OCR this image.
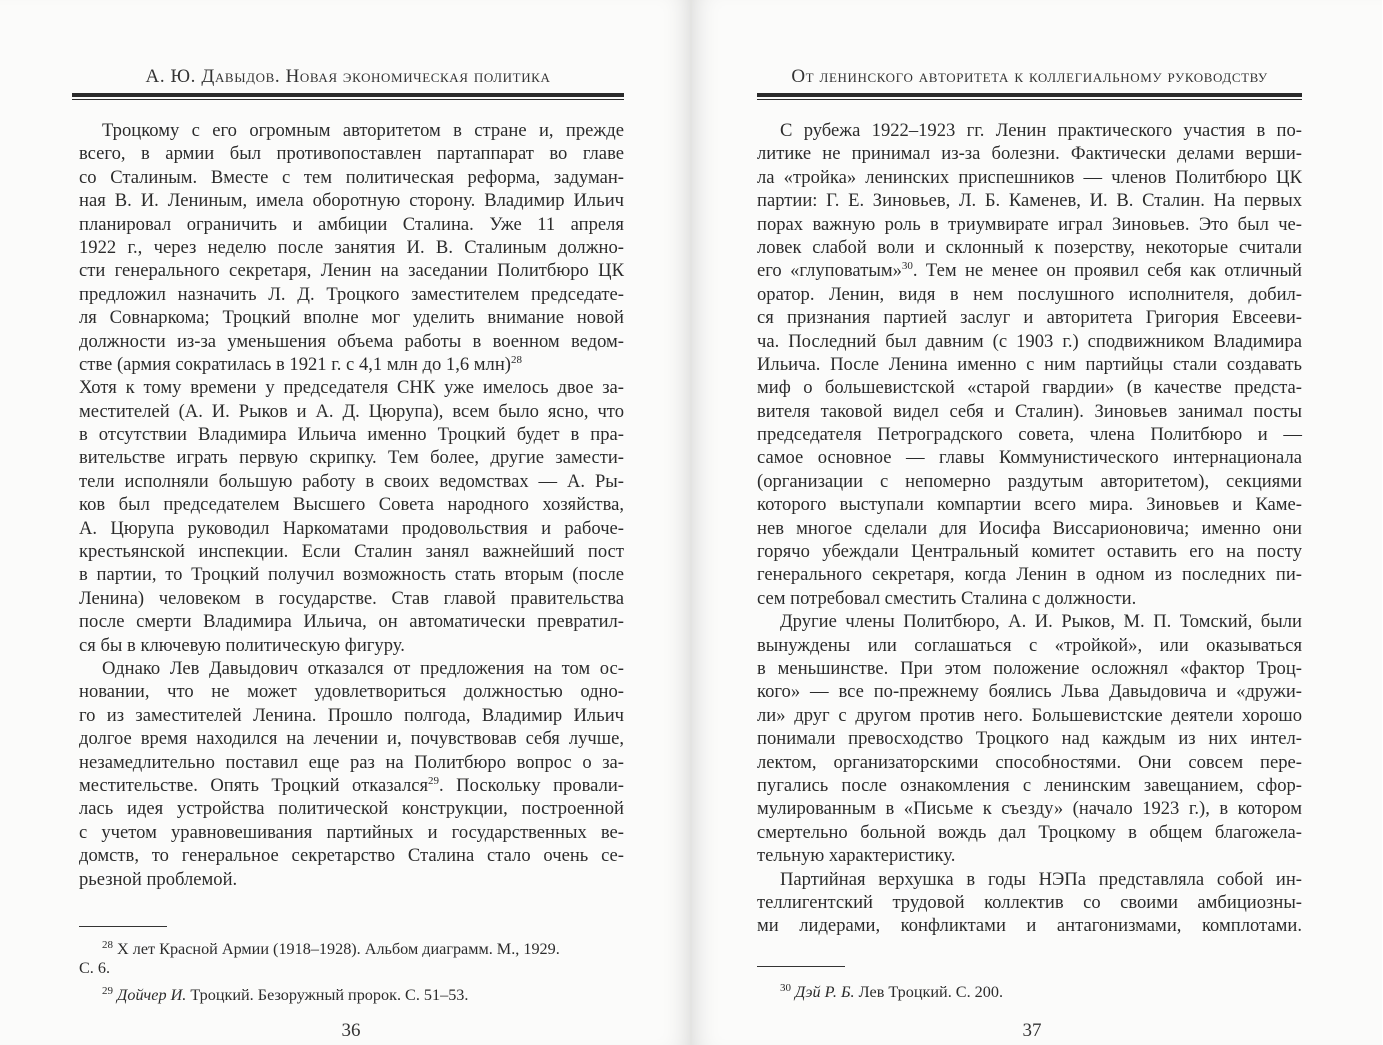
А. Ю. Давыдов. Новая экономическая политика
Троцкому с его огромным авторитетом в стране и, прежде
всего, в армии был противопоставлен партаппарат во главе
со Сталиным. Вместе с тем политическая реформа, задуман-
ная В. И. Лениным, имела оборотную сторону. Владимир Ильич
планировал ограничить и амбиции Сталина. Уже 11 апреля
1922 г., через неделю после занятия И. В. Сталиным должно-
сти генерального секретаря, Ленин на заседании Политбюро ЦК
предложил назначить Л. Д. Троцкого заместителем председате-
ля Совнаркома; Троцкий вполне мог уделить внимание новой
должности из-за уменьшения объема работы в военном ведом-
стве (армия сократилась в 1921 г. с 4,1 млн до 1,6 млн)$^{28}$
Хотя к тому времени у председателя СНК уже имелось двое за-
местителей (А. И. Рыков и А. Д. Цюрупа), всем было ясно, что
в отсутствии Владимира Ильича именно Троцкий будет в пра-
вительстве играть первую скрипку. Тем более, другие замести-
тели исполняли большую работу в своих ведомствах — А. Ры-
ков был председателем Высшего Совета народного хозяйства,
А. Цюрупа руководил Наркоматами продовольствия и рабоче-
крестьянской инспекции. Если Сталин занял важнейший пост
в партии, то Троцкий получил возможность стать вторым (после
Ленина) человеком в государстве. Став главой правительства
после смерти Владимира Ильича, он автоматически превратил-
ся бы в ключевую политическую фигуру.
Однако Лев Давыдович отказался от предложения на том ос-
новании, что не может удовлетвориться должностью одно-
го из заместителей Ленина. Прошло полгода, Владимир Ильич
долгое время находился на лечении и, почувствовав себя лучше,
незамедлительно поставил еще раз на Политбюро вопрос о за-
местительстве. Опять Троцкий отказался$^{29}$. Поскольку провали-
лась идея устройства политической конструкции, построенной
с учетом уравновешивания партийных и государственных ве-
домств, то генеральное секретарство Сталина стало очень се-
рьезной проблемой.
$^{28}$ X лет Красной Армии (1918–1928). Альбом диаграмм. М., 1929.
С. 6.
$^{29}$ Дойчер И. Троцкий. Безоружный пророк. С. 51–53.
36
От ленинского авторитета к коллегиальному руководству
С рубежа 1922–1923 гг. Ленин практического участия в по-
литике не принимал из-за болезни. Фактически делами верши-
ла «тройка» ленинских приспешников — членов Политбюро ЦК
партии: Г. Е. Зиновьев, Л. Б. Каменев, И. В. Сталин. На первых
порах важную роль в триумвирате играл Зиновьев. Это был че-
ловек слабой воли и склонный к позерству, некоторые считали
его «глуповатым»$^{30}$. Тем не менее он проявил себя как отличный
оратор. Ленин, видя в нем послушного исполнителя, добил-
ся признания партией заслуг и авторитета Григория Евсееви-
ча. Последний был давним (с 1903 г.) сподвижником Владимира
Ильича. После Ленина именно с ним партийцы стали создавать
миф о большевистской «старой гвардии» (в качестве предста-
вителя таковой видел себя и Сталин). Зиновьев занимал посты
председателя Петроградского совета, члена Политбюро и —
самое основное — главы Коммунистического интернационала
(организации с непомерно раздутым авторитетом), секциями
которого выступали компартии всего мира. Зиновьев и Камe-
нев многое сделали для Иосифа Виссарионовича; именно они
горячо убеждали Центральный комитет оставить его на посту
генерального секретаря, когда Ленин в одном из последних пи-
сем потребовал сместить Сталина с должности.
Другие члены Политбюро, А. И. Рыков, М. П. Томский, были
вынуждены или соглашаться с «тройкой», или оказываться
в меньшинстве. При этом положение осложнял «фактор Троц-
кого» — все по-прежнему боялись Льва Давыдовича и «дружи-
ли» друг с другом против него. Большевистские деятели хорошо
понимали превосходство Троцкого над каждым из них интел-
лектом, организаторскими способностями. Они совсем пере-
пугались после ознакомления с ленинским завещанием, сфор-
мулированным в «Письме к съезду» (начало 1923 г.), в котором
смертельно больной вождь дал Троцкому в общем благожела-
тельную характеристику.
Партийная верхушка в годы НЭПа представляла собой ин-
теллигентский трудовой коллектив со своими амбициозны-
ми лидерами, конфликтами и антагонизмами, комплотами.
$^{30}$ Дэй Р. Б. Лев Троцкий. С. 200.
37
